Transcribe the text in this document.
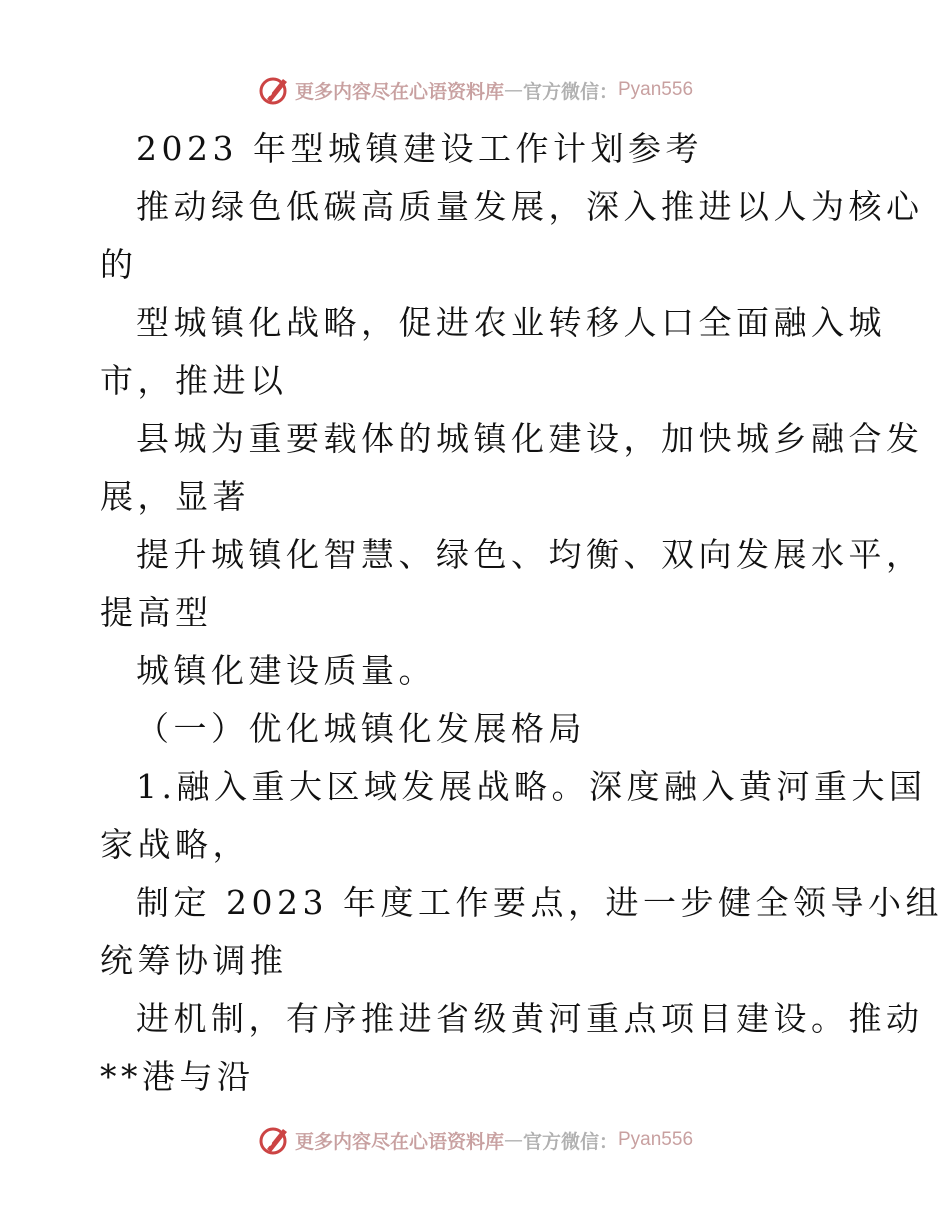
更多内容尽在心语资料库 — 官方微信： Pyan556
2023 年型城镇建设工作计划参考
推动绿色低碳高质量发展，深入推进以人为核心
的
型城镇化战略，促进农业转移人口全面融入城
市，推进以
县城为重要载体的城镇化建设，加快城乡融合发
展，显著
提升城镇化智慧、绿色、均衡、双向发展水平，
提高型
城镇化建设质量。
（一）优化城镇化发展格局
1.融入重大区域发展战略。深度融入黄河重大国
家战略，
制定 2023 年度工作要点，进一步健全领导小组
统筹协调推
进机制，有序推进省级黄河重点项目建设。推动
**港与沿
更多内容尽在心语资料库 — 官方微信： Pyan556
